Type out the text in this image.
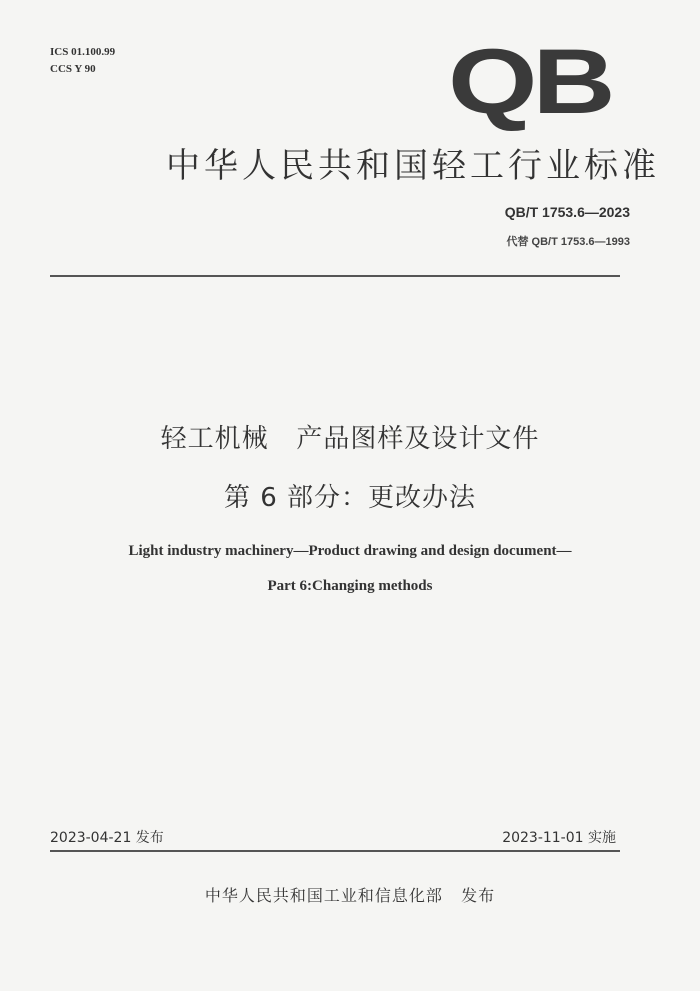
ICS 01.100.99
CCS Y 90	QB
中华人民共和国轻工行业标准
QB/T 1753.6—2023
代替 QB/T 1753.6—1993
轻工机械   产品图样及设计文件
第 6 部分：更改办法
Light industry machinery—Product drawing and design document—
Part 6:Changing methods
2023-04-21 发布	2023-11-01 实施
中华人民共和国工业和信息化部   发布
